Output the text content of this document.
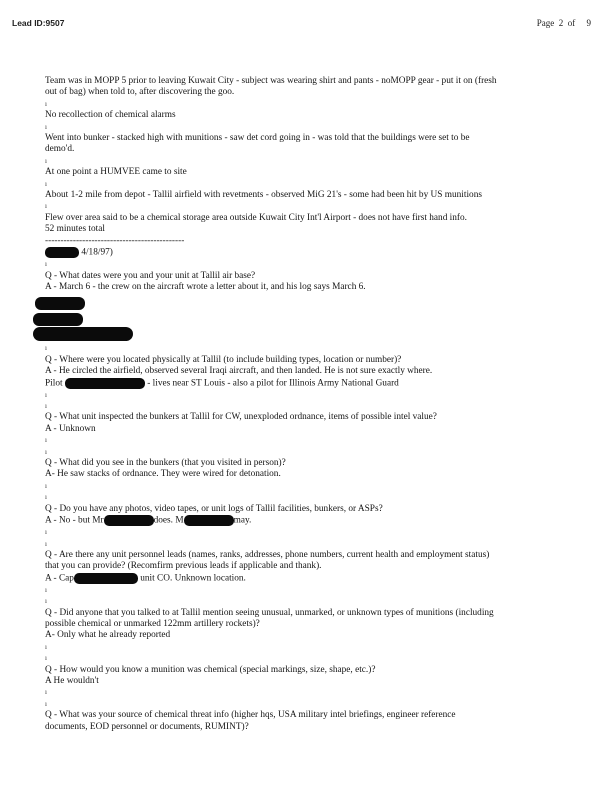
Lead ID:9507	Page 2 of 9
Team was in MOPP 5 prior to leaving Kuwait City - subject was wearing shirt and pants - noMOPP gear - put it on (fresh
out of bag) when told to, after discovering the goo.
ı
No recollection of chemical alarms
ı
Went into bunker - stacked high with munitions - saw det cord going in - was told that the buildings were set to be
demo'd.
ı
At one point a HUMVEE came to site
ı
About 1-2 mile from depot - Tallil airfield with revetments - observed MiG 21's - some had been hit by US munitions
ı
Flew over area said to be a chemical storage area outside Kuwait City Int'l Airport - does not have first hand info.
52 minutes total
---------------------------------------------
4/18/97)
ı
Q - What dates were you and your unit at Tallil air base?
A - March 6 - the crew on the aircraft wrote a letter about it, and his log says March 6.
ı
Q - Where were you located physically at Tallil (to include building types, location or number)?
A - He circled the airfield, observed several Iraqi aircraft, and then landed. He is not sure exactly where.
Pilot	- lives near ST Louis - also a pilot for Illinois Army National Guard
ı
ı
Q - What unit inspected the bunkers at Tallil for CW, unexploded ordnance, items of possible intel value?
A - Unknown
ı
ı
Q - What did you see in the bunkers (that you visited in person)?
A- He saw stacks of ordnance. They were wired for detonation.
ı
ı
Q - Do you have any photos, video tapes, or unit logs of Tallil facilities, bunkers, or ASPs?
A - No - but Mr	does. M	may.
ı
ı
Q - Are there any unit personnel leads (names, ranks, addresses, phone numbers, current health and employment status)
that you can provide? (Recomfirm previous leads if applicable and thank).
A - Cap	unit CO. Unknown location.
ı
ı
Q - Did anyone that you talked to at Tallil mention seeing unusual, unmarked, or unknown types of munitions (including
possible chemical or unmarked 122mm artillery rockets)?
A- Only what he already reported
ı
ı
Q - How would you know a munition was chemical (special markings, size, shape, etc.)?
A He wouldn't
ı
ı
Q - What was your source of chemical threat info (higher hqs, USA military intel briefings, engineer reference
documents, EOD personnel or documents, RUMINT)?
